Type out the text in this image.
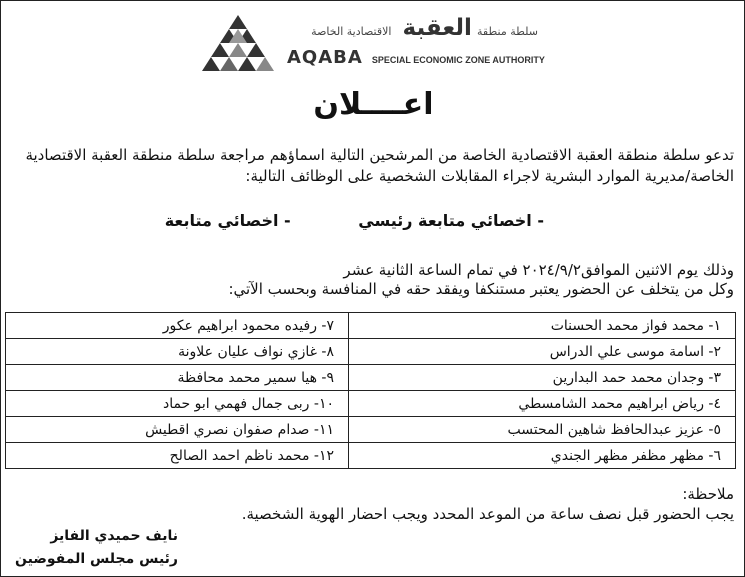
سلطة منطقة العقبة الاقتصادية الخاصة
AQABA SPECIAL ECONOMIC ZONE AUTHORITY
اعــــلان
تدعو سلطة منطقة العقبة الاقتصادية الخاصة من المرشحين التالية اسماؤهم مراجعة سلطة منطقة العقبة الاقتصادية الخاصة/مديرية الموارد البشرية لاجراء المقابلات الشخصية على الوظائف التالية:
- اخصائي متابعة رئيسي - اخصائي متابعة
وذلك يوم الاثنين الموافق٢٠٢٤/٩/٢ في تمام الساعة الثانية عشر
وكل من يتخلف عن الحضور يعتبر مستنكفا ويفقد حقه في المنافسة وبحسب الآتي:
١- محمد فواز محمد الحسنات	٧- رفيده محمود ابراهيم عكور
٢- اسامة موسى علي الدراس	٨- غازي نواف عليان علاونة
٣- وجدان محمد حمد البدارين	٩- هيا سمير محمد محافظة
٤- رياض ابراهيم محمد الشامسطي	١٠- ربى جمال فهمي ابو حماد
٥- عزيز عبدالحافظ شاهين المحتسب	١١- صدام صفوان نصري اقطيش
٦- مظهر مظفر مظهر الجندي	١٢- محمد ناظم احمد الصالح
ملاحظة:
يجب الحضور قبل نصف ساعة من الموعد المحدد ويجب احضار الهوية الشخصية.
نايف حميدي الفايز
رئيس مجلس المفوضين
